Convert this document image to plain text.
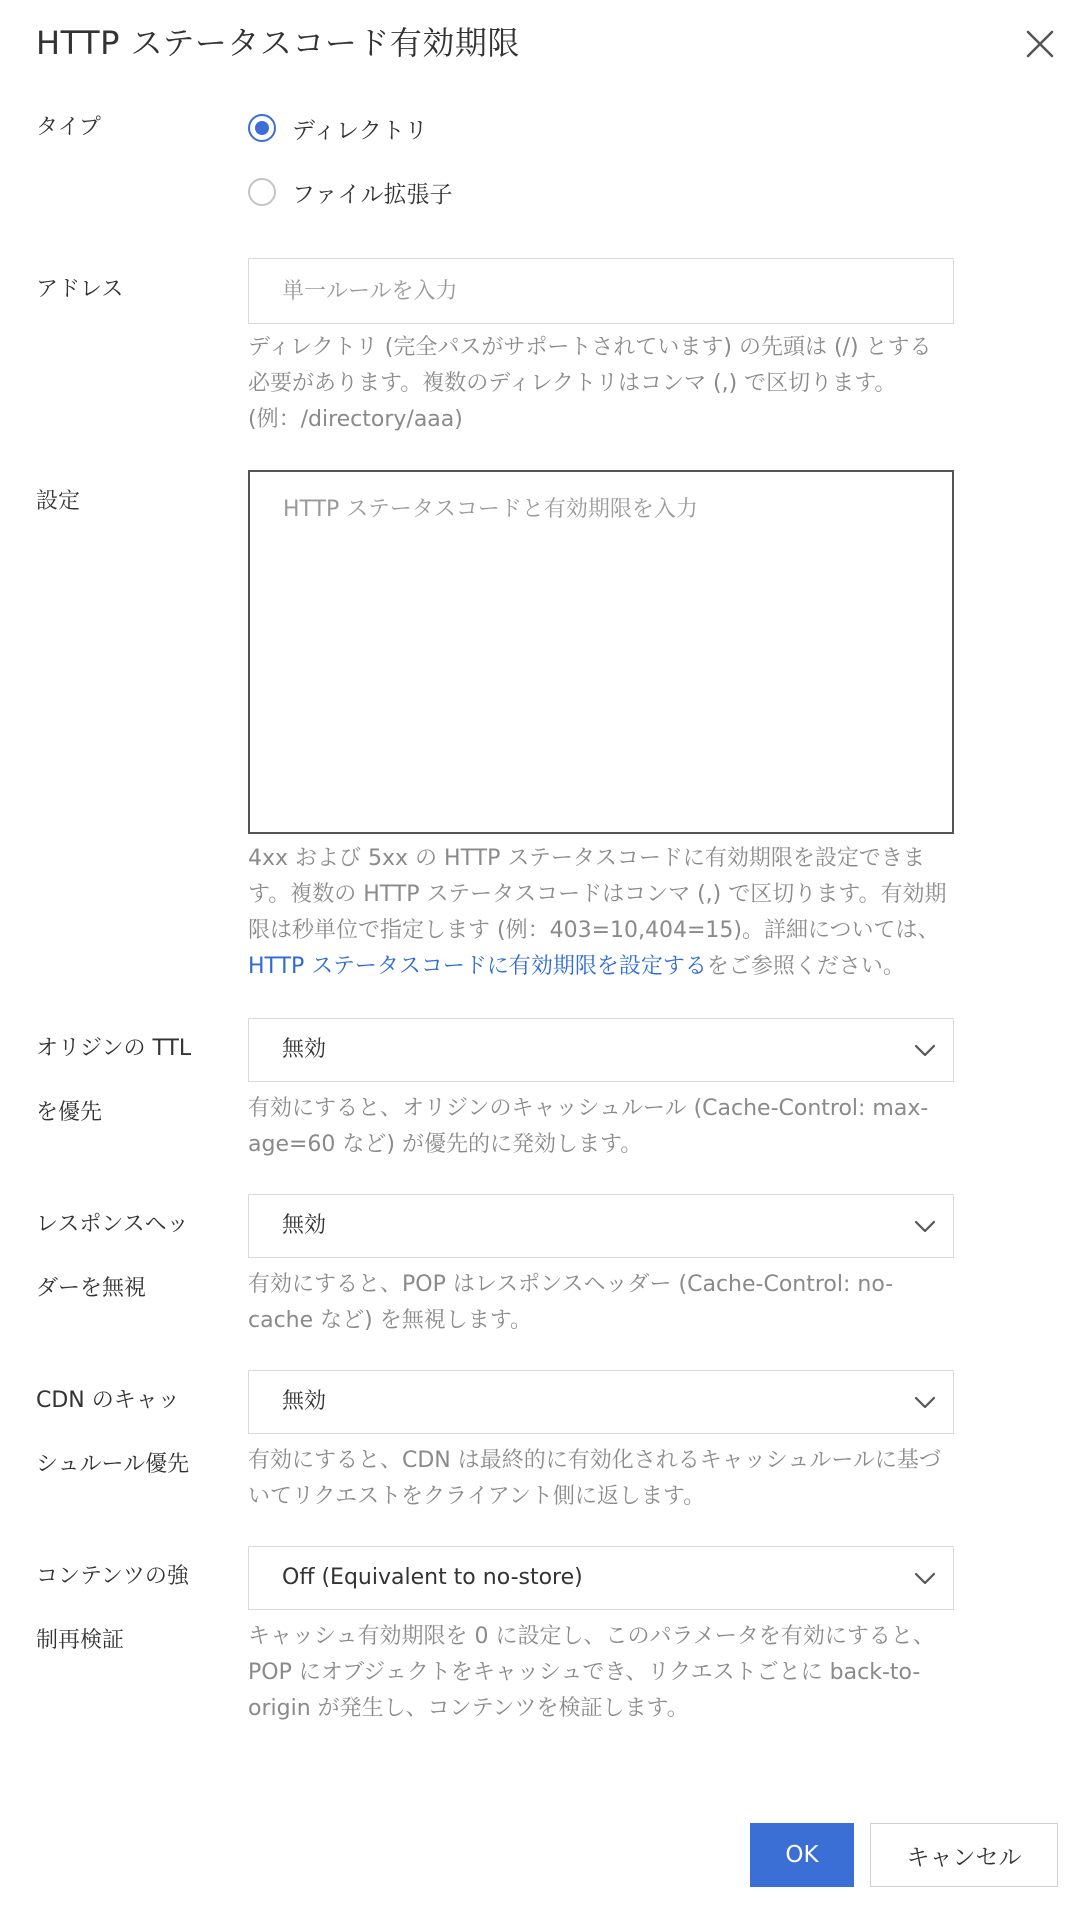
HTTP ステータスコード有効期限
タイプ	ディレクトリ
ファイル拡張子
アドレス
単一ルールを入力
ディレクトリ (完全パスがサポートされています) の先頭は (/) とする
必要があります。複数のディレクトリはコンマ (,) で区切ります。
(例：/directory/aaa)
設定
HTTP ステータスコードと有効期限を入力
4xx および 5xx の HTTP ステータスコードに有効期限を設定できま
す。複数の HTTP ステータスコードはコンマ (,) で区切ります。有効期
限は秒単位で指定します (例：403=10,404=15)。詳細については、
HTTP ステータスコードに有効期限を設定するをご参照ください。
オリジンの TTL
を優先
無効
有効にすると、オリジンのキャッシュルール (Cache-Control: max-
age=60 など) が優先的に発効します。
レスポンスヘッ
ダーを無視
無効
有効にすると、POP はレスポンスヘッダー (Cache-Control: no-
cache など) を無視します。
CDN のキャッ
シュルール優先
無効
有効にすると、CDN は最終的に有効化されるキャッシュルールに基づ
いてリクエストをクライアント側に返します。
コンテンツの強
制再検証
Off (Equivalent to no-store)
キャッシュ有効期限を 0 に設定し、このパラメータを有効にすると、
POP にオブジェクトをキャッシュでき、リクエストごとに back-to-
origin が発生し、コンテンツを検証します。
OK	キャンセル
